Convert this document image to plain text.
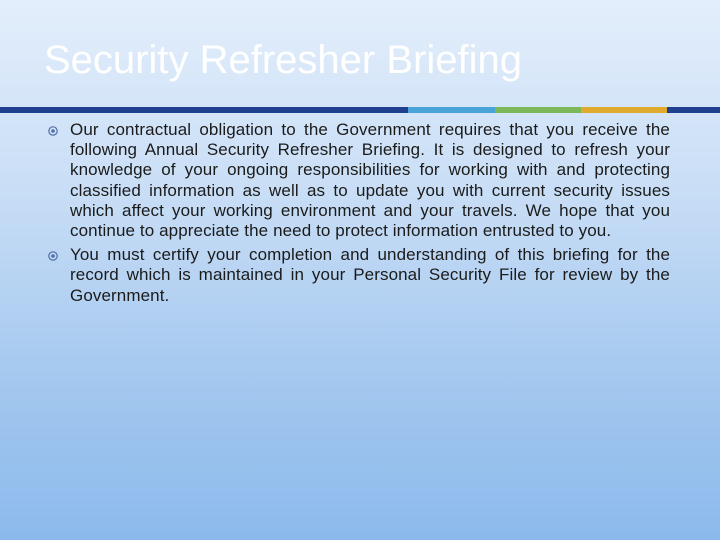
Security Refresher Briefing
Our contractual obligation to the Government requires that you receive the following Annual Security Refresher Briefing. It is designed to refresh your knowledge of your ongoing responsibilities for working with and protecting classified information as well as to update you with current security issues which affect your working environment and your travels. We hope that you continue to appreciate the need to protect information entrusted to you.
You must certify your completion and understanding of this briefing for the record which is maintained in your Personal Security File for review by the Government.
